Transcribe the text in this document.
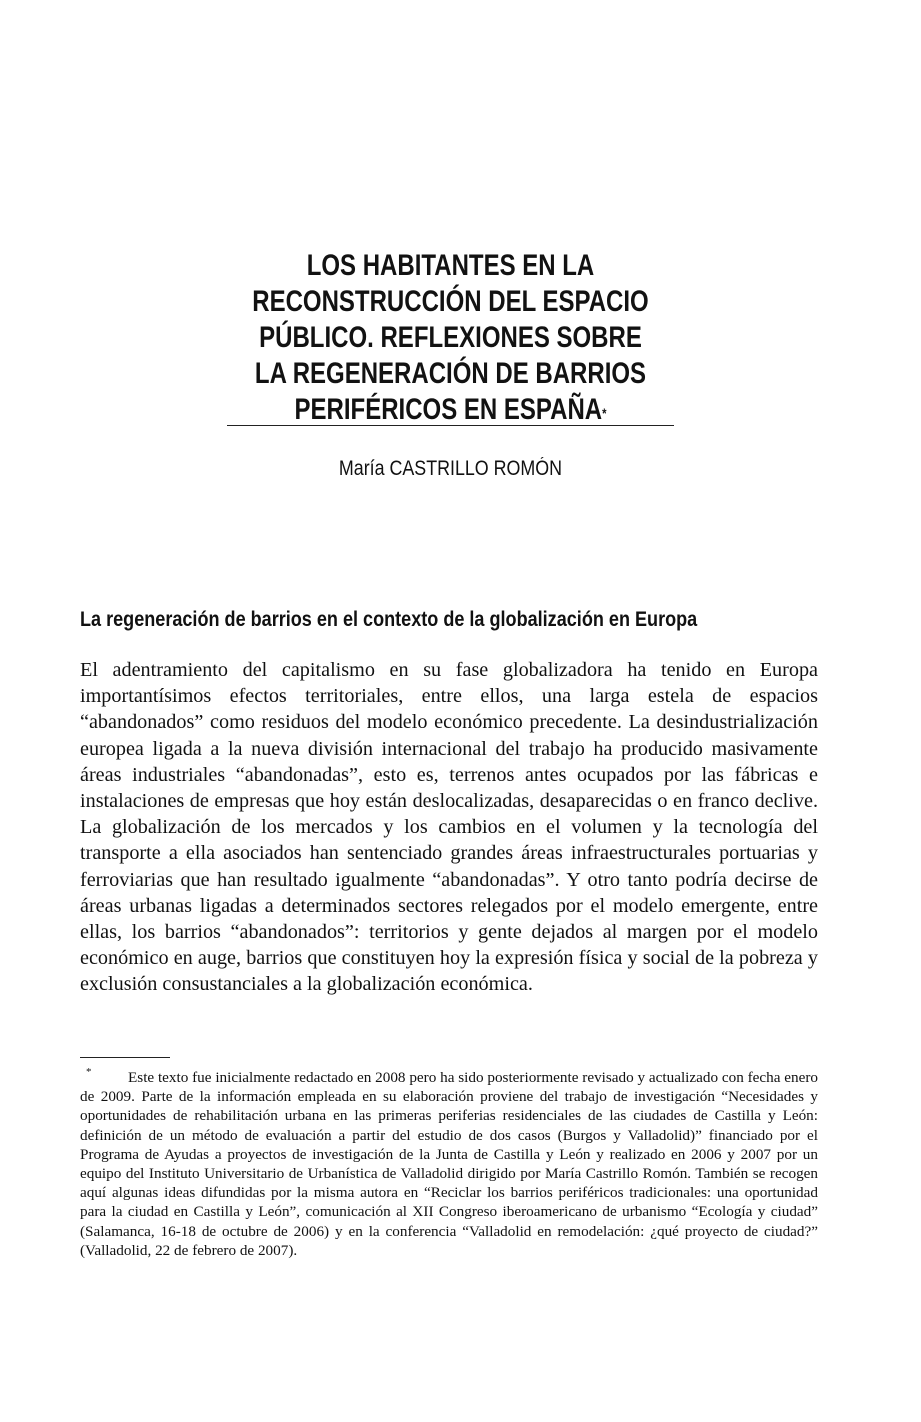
LOS HABITANTES EN LA
RECONSTRUCCIÓN DEL ESPACIO
PÚBLICO. REFLEXIONES SOBRE
LA REGENERACIÓN DE BARRIOS
PERIFÉRICOS EN ESPAÑA*
María CASTRILLO ROMÓN
La regeneración de barrios en el contexto de la globalización en Europa

El adentramiento del capitalismo en su fase globalizadora ha tenido en Europa importantísimos efectos territoriales, entre ellos, una larga estela de espacios “abandonados” como residuos del modelo económico precedente. La desindustrialización europea ligada a la nueva división internacional del trabajo ha producido masivamente áreas industriales “abandonadas”, esto es, terrenos antes ocupados por las fábricas e instalaciones de empresas que hoy están deslocalizadas, desaparecidas o en franco declive. La globalización de los mercados y los cambios en el volumen y la tecnología del transporte a ella asociados han sentenciado grandes áreas infraestructurales portuarias y ferroviarias que han resultado igualmente “abandonadas”. Y otro tanto podría decirse de áreas urbanas ligadas a determinados sectores relegados por el modelo emergente, entre ellas, los barrios “abandonados”: territorios y gente dejados al margen por el modelo económico en auge, barrios que constituyen hoy la expresión física y social de la pobreza y exclusión consustanciales a la globalización económica.

*	Este texto fue inicialmente redactado en 2008 pero ha sido posteriormente revisado y actualizado con fecha enero de 2009. Parte de la información empleada en su elaboración proviene del trabajo de investigación “Necesidades y oportunidades de rehabilitación urbana en las primeras periferias residenciales de las ciudades de Castilla y León: definición de un método de evaluación a partir del estudio de dos casos (Burgos y Valladolid)” financiado por el Programa de Ayudas a proyectos de investigación de la Junta de Castilla y León y realizado en 2006 y 2007 por un equipo del Instituto Universitario de Urbanística de Valladolid dirigido por María Castrillo Romón. También se recogen aquí algunas ideas difundidas por la misma autora en “Reciclar los barrios periféricos tradicionales: una oportunidad para la ciudad en Castilla y León”, comunicación al XII Congreso iberoamericano de urbanismo “Ecología y ciudad” (Salamanca, 16-18 de octubre de 2006) y en la conferencia “Valladolid en remodelación: ¿qué proyecto de ciudad?” (Valladolid, 22 de febrero de 2007).
